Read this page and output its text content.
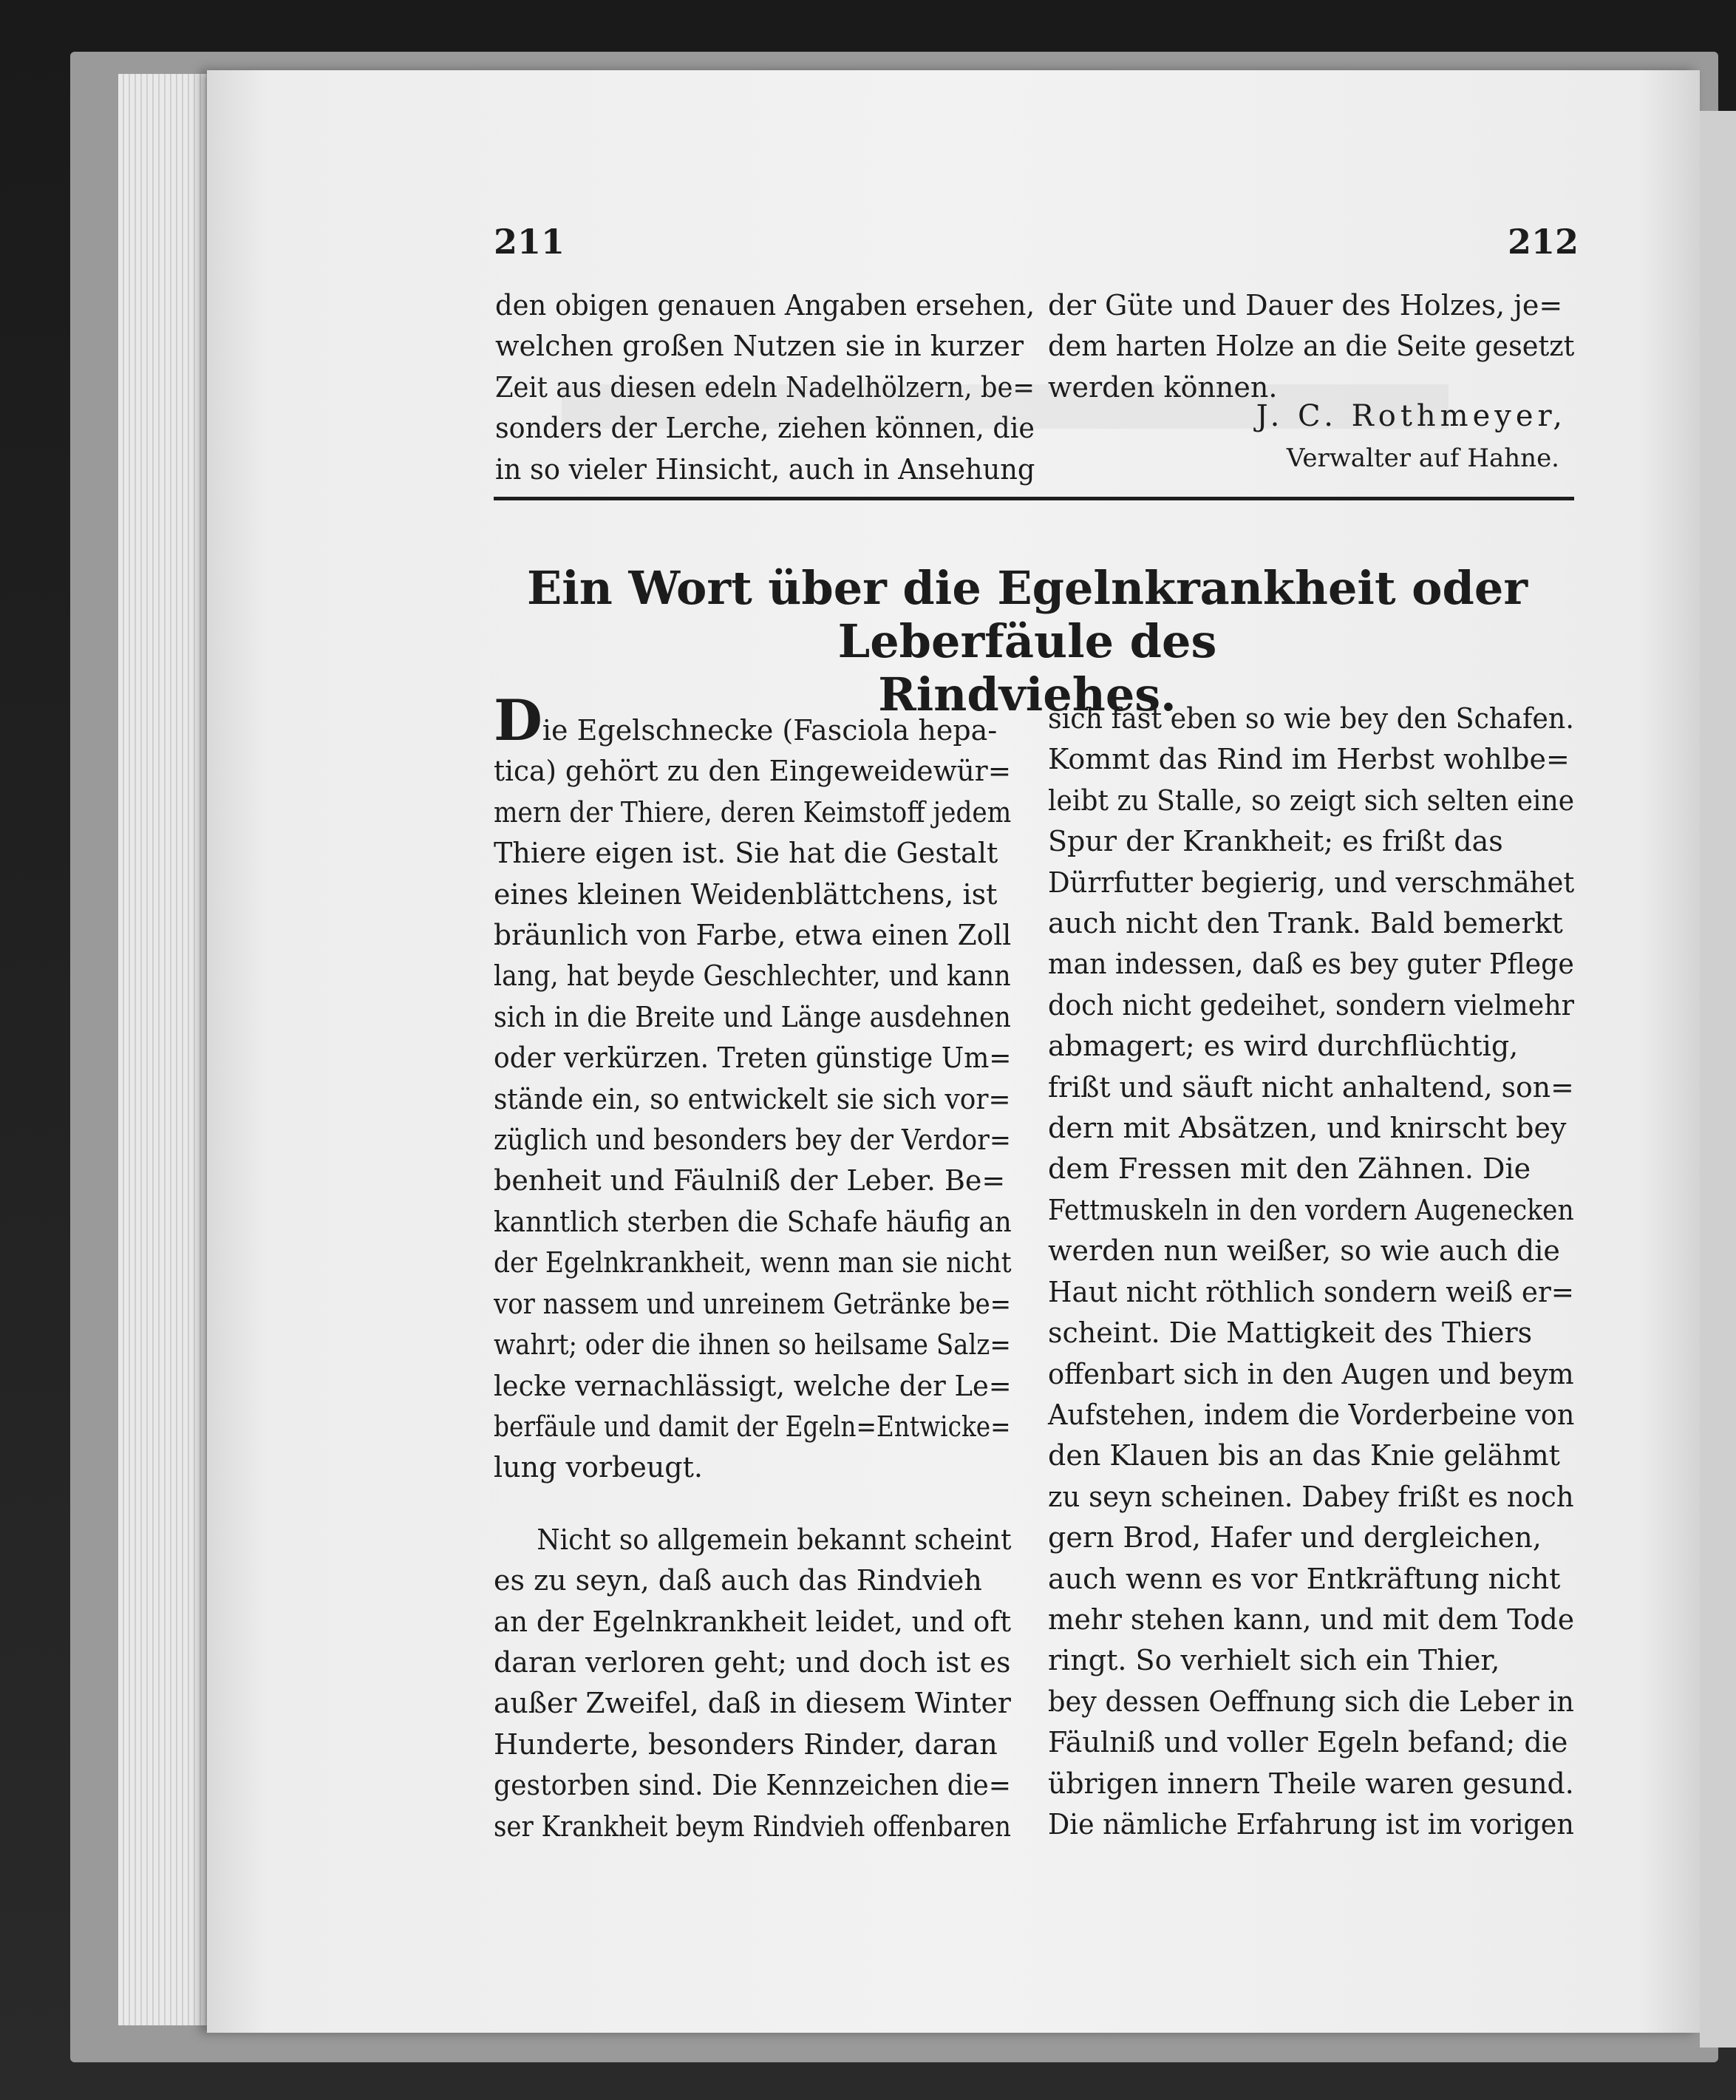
211	212
den obigen genauen Angaben ersehen,
welchen großen Nutzen sie in kurzer
Zeit aus diesen edeln Nadelhölzern, be=
sonders der Lerche, ziehen können, die
in so vieler Hinsicht, auch in Ansehung
der Güte und Dauer des Holzes, je=
dem harten Holze an die Seite gesetzt
werden können.
J. C. Rothmeyer,
Verwalter auf Hahne.
Ein Wort über die Egelnkrankheit oder Leberfäule des
Rindviehes.
Die Egelschnecke (Fasciola hepa-
tica) gehört zu den Eingeweidewür=
mern der Thiere, deren Keimstoff jedem
Thiere eigen ist. Sie hat die Gestalt
eines kleinen Weidenblättchens, ist
bräunlich von Farbe, etwa einen Zoll
lang, hat beyde Geschlechter, und kann
sich in die Breite und Länge ausdehnen
oder verkürzen. Treten günstige Um=
stände ein, so entwickelt sie sich vor=
züglich und besonders bey der Verdor=
benheit und Fäulniß der Leber. Be=
kanntlich sterben die Schafe häufig an
der Egelnkrankheit, wenn man sie nicht
vor nassem und unreinem Getränke be=
wahrt; oder die ihnen so heilsame Salz=
lecke vernachlässigt, welche der Le=
berfäule und damit der Egeln=Entwicke=
lung vorbeugt.
Nicht so allgemein bekannt scheint
es zu seyn, daß auch das Rindvieh
an der Egelnkrankheit leidet, und oft
daran verloren geht; und doch ist es
außer Zweifel, daß in diesem Winter
Hunderte, besonders Rinder, daran
gestorben sind. Die Kennzeichen die=
ser Krankheit beym Rindvieh offenbaren
sich fast eben so wie bey den Schafen.
Kommt das Rind im Herbst wohlbe=
leibt zu Stalle, so zeigt sich selten eine
Spur der Krankheit; es frißt das
Dürrfutter begierig, und verschmähet
auch nicht den Trank. Bald bemerkt
man indessen, daß es bey guter Pflege
doch nicht gedeihet, sondern vielmehr
abmagert; es wird durchflüchtig,
frißt und säuft nicht anhaltend, son=
dern mit Absätzen, und knirscht bey
dem Fressen mit den Zähnen. Die
Fettmuskeln in den vordern Augenecken
werden nun weißer, so wie auch die
Haut nicht röthlich sondern weiß er=
scheint. Die Mattigkeit des Thiers
offenbart sich in den Augen und beym
Aufstehen, indem die Vorderbeine von
den Klauen bis an das Knie gelähmt
zu seyn scheinen. Dabey frißt es noch
gern Brod, Hafer und dergleichen,
auch wenn es vor Entkräftung nicht
mehr stehen kann, und mit dem Tode
ringt. So verhielt sich ein Thier,
bey dessen Oeffnung sich die Leber in
Fäulniß und voller Egeln befand; die
übrigen innern Theile waren gesund.
Die nämliche Erfahrung ist im vorigen
